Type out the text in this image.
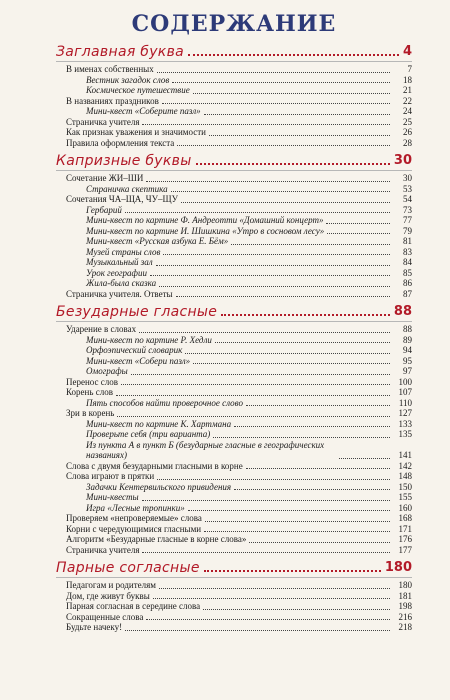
СОДЕРЖАНИЕ
Заглавная буква	4
В именах собственных	7
Вестник загадок слов	18
Космическое путешествие	21
В названиях праздников	22
Мини-квест «Соберите пазл»	24
Страничка учителя	25
Как признак уважения и значимости	26
Правила оформления текста	28
Капризные буквы	30
Сочетание ЖИ–ШИ	30
Страничка скептика	53
Сочетания ЧА–ЩА, ЧУ–ЩУ	54
Гербарий	73
Мини-квест по картине Ф. Андреотти «Домашний концерт»	77
Мини-квест по картине И. Шишкина «Утро в сосновом лесу»	79
Мини-квест «Русская азбука Е. Бём»	81
Музей страны слов	83
Музыкальный зал	84
Урок географии	85
Жила-была сказка	86
Страничка учителя. Ответы	87
Безударные гласные	88
Ударение в словах	88
Мини-квест по картине Р. Хедли	89
Орфоэпический словарик	94
Мини-квест «Собери пазл»	95
Омографы	97
Перенос слов	100
Корень слов	107
Пять способов найти проверочное слово	110
Зри в корень	127
Мини-квест по картине К. Хартмана	133
Проверьте себя (три варианта)	135
Из пункта А в пункт Б (безударные гласные в географических названиях)	141
Слова с двумя безударными гласными в корне	142
Слова играют в прятки	148
Задачки Кентервильского привидения	150
Мини-квесты	155
Игра «Лесные тропинки»	160
Проверяем «непроверяемые» слова	168
Корни с чередующимися гласными	171
Алгоритм «Безударные гласные в корне слова»	176
Страничка учителя	177
Парные согласные	180
Педагогам и родителям	180
Дом, где живут буквы	181
Парная согласная в середине слова	198
Сокращенные слова	216
Будьте начеку!	218
